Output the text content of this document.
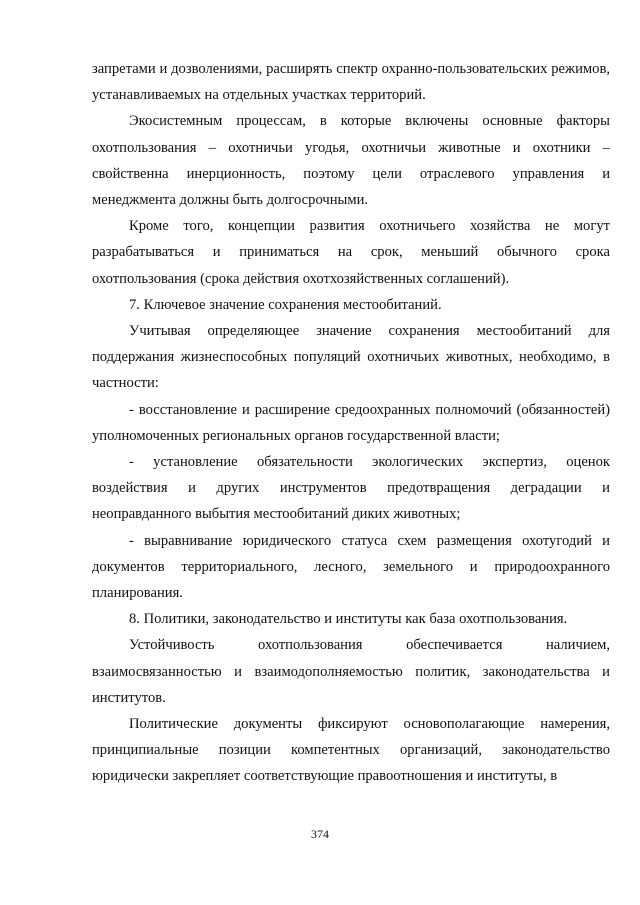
запретами и дозволениями, расширять спектр охранно-пользовательских режимов, устанавливаемых на отдельных участках территорий.

Экосистемным процессам, в которые включены основные факторы охотпользования – охотничьи угодья, охотничьи животные и охотники – свойственна инерционность, поэтому цели отраслевого управления и менеджмента должны быть долгосрочными.

Кроме того, концепции развития охотничьего хозяйства не могут разрабатываться и приниматься на срок, меньший обычного срока охотпользования (срока действия охотхозяйственных соглашений).

7. Ключевое значение сохранения местообитаний.

Учитывая определяющее значение сохранения местообитаний для поддержания жизнеспособных популяций охотничьих животных, необходимо, в частности:

- восстановление и расширение средоохранных полномочий (обязанностей) уполномоченных региональных органов государственной власти;

- установление обязательности экологических экспертиз, оценок воздействия и других инструментов предотвращения деградации и неоправданного выбытия местообитаний диких животных;

- выравнивание юридического статуса схем размещения охотугодий и документов территориального, лесного, земельного и природоохранного планирования.

8. Политики, законодательство и институты как база охотпользования.

Устойчивость охотпользования обеспечивается наличием, взаимосвязанностью и взаимодополняемостью политик, законодательства и институтов.

Политические документы фиксируют основополагающие намерения, принципиальные позиции компетентных организаций, законодательство юридически закрепляет соответствующие правоотношения и институты, в

374
